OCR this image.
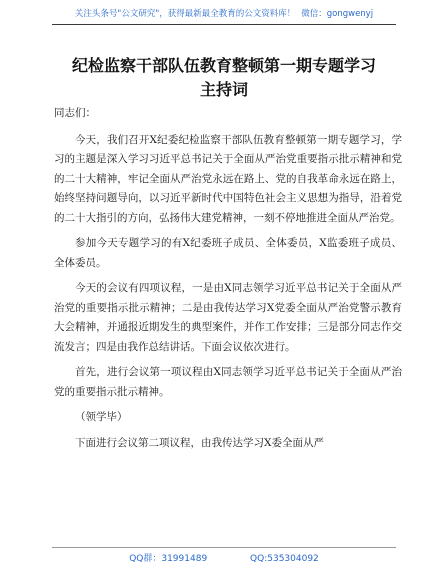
关注头条号"公文研究"，获得最新最全教育的公文资料库！ 微信：gongwenyj
纪检监察干部队伍教育整顿第一期专题学习主持词

同志们：

今天，我们召开X纪委纪检监察干部队伍教育整顿第一期专题学习，学习的主题是深入学习习近平总书记关于全面从严治党重要指示批示精神和党的二十大精神，牢记全面从严治党永远在路上、党的自我革命永远在路上，始终坚持问题导向，以习近平新时代中国特色社会主义思想为指导，沿着党的二十大指引的方向，弘扬伟大建党精神，一刻不停地推进全面从严治党。

参加今天专题学习的有X纪委班子成员、全体委员，X监委班子成员、全体委员。

今天的会议有四项议程，一是由X同志领学习近平总书记关于全面从严治党的重要指示批示精神；二是由我传达学习X党委全面从严治党警示教育大会精神，并通报近期发生的典型案件，并作工作安排；三是部分同志作交流发言；四是由我作总结讲话。下面会议依次进行。

首先，进行会议第一项议程由X同志领学习近平总书记关于全面从严治党的重要指示批示精神。

（领学毕）

下面进行会议第二项议程，由我传达学习X委全面从严

QQ群：31991489	QQ:535304092
